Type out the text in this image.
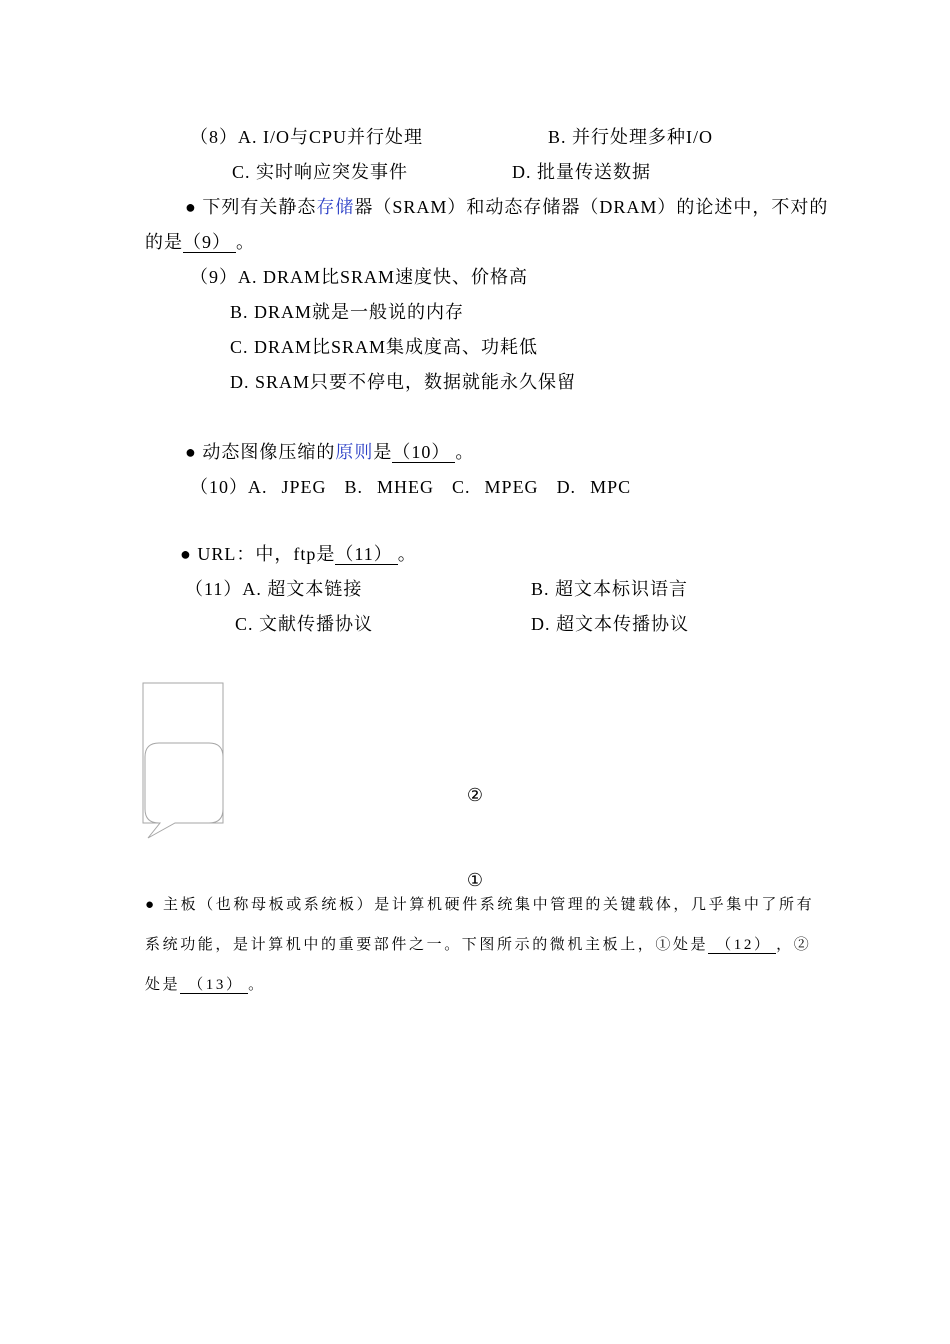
（8）A. I/O与CPU并行处理	B. 并行处理多种I/O
C. 实时响应突发事件	D. 批量传送数据
● 下列有关静态存储器（SRAM）和动态存储器（DRAM）的论述中，不对的
的是（9） 。
（9）A. DRAM比SRAM速度快、价格高
B. DRAM就是一般说的内存
C. DRAM比SRAM集成度高、功耗低
D. SRAM只要不停电，数据就能永久保留
● 动态图像压缩的原则是（10） 。
（10）A. JPEG B. MHEG C. MPEG D. MPC
● URL：中，ftp是（11） 。
（11）A. 超文本链接	B. 超文本标识语言
C. 文献传播协议	D. 超文本传播协议
②
①
● 主板（也称母板或系统板）是计算机硬件系统集中管理的关键载体，几乎集中了所有
系统功能，是计算机中的重要部件之一。下图所示的微机主板上，①处是 （12） ，②
处是 （13） 。
